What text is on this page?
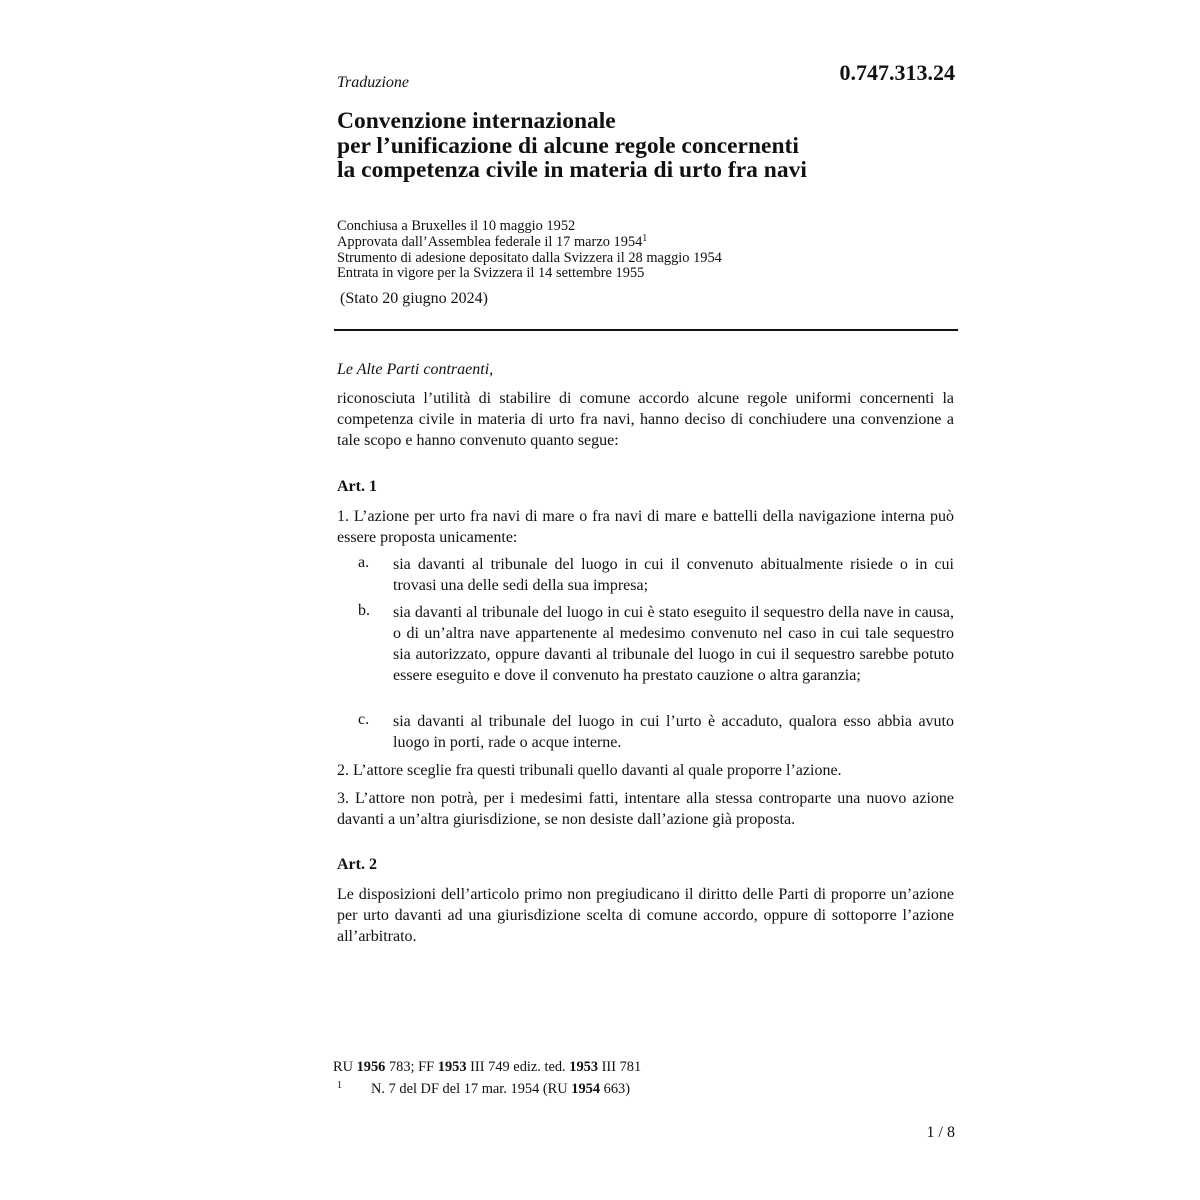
Traduzione	0.747.313.24
Convenzione internazionale
per l’unificazione di alcune regole concernenti
la competenza civile in materia di urto fra navi
Conchiusa a Bruxelles il 10 maggio 1952
Approvata dall’Assemblea federale il 17 marzo 1954$^1$
Strumento di adesione depositato dalla Svizzera il 28 maggio 1954
Entrata in vigore per la Svizzera il 14 settembre 1955
(Stato 20 giugno 2024)
Le Alte Parti contraenti,
riconosciuta l’utilità di stabilire di comune accordo alcune regole uniformi concernenti la competenza civile in materia di urto fra navi, hanno deciso di conchiudere una convenzione a tale scopo e hanno convenuto quanto segue:
Art. 1
1. L’azione per urto fra navi di mare o fra navi di mare e battelli della navigazione interna può essere proposta unicamente:
a. sia davanti al tribunale del luogo in cui il convenuto abitualmente risiede o in cui trovasi una delle sedi della sua impresa;
b. sia davanti al tribunale del luogo in cui è stato eseguito il sequestro della nave in causa, o di un’altra nave appartenente al medesimo convenuto nel caso in cui tale sequestro sia autorizzato, oppure davanti al tribunale del luogo in cui il sequestro sarebbe potuto essere eseguito e dove il convenuto ha prestato cauzione o altra garanzia;
c. sia davanti al tribunale del luogo in cui l’urto è accaduto, qualora esso abbia avuto luogo in porti, rade o acque interne.
2. L’attore sceglie fra questi tribunali quello davanti al quale proporre l’azione.
3. L’attore non potrà, per i medesimi fatti, intentare alla stessa controparte una nuovo azione davanti a un’altra giurisdizione, se non desiste dall’azione già proposta.
Art. 2
Le disposizioni dell’articolo primo non pregiudicano il diritto delle Parti di proporre un’azione per urto davanti ad una giurisdizione scelta di comune accordo, oppure di sottoporre l’azione all’arbitrato.
RU 1956 783; FF 1953 III 749 ediz. ted. 1953 III 781
1 N. 7 del DF del 17 mar. 1954 (RU 1954 663)
1 / 8
